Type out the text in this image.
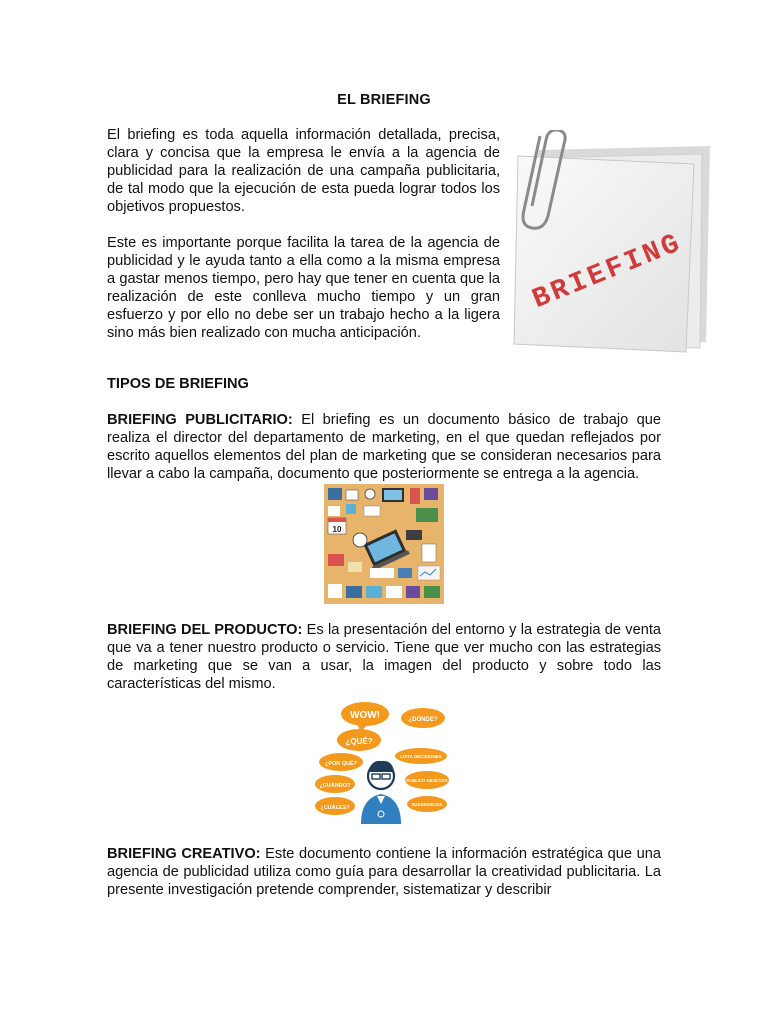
EL BRIEFING

El briefing es toda aquella información detallada, precisa, clara y concisa que la empresa le envía a la agencia de publicidad para la realización de una campaña publicitaria, de tal modo que la ejecución de esta pueda lograr todos los objetivos propuestos.

Este es importante porque facilita la tarea de la agencia de publicidad y le ayuda tanto a ella como a la misma empresa a gastar menos tiempo, pero hay que tener en cuenta que la realización de este conlleva mucho tiempo y un gran esfuerzo y por ello no debe ser un trabajo hecho a la ligera sino más bien realizado con mucha anticipación.

BRIEFING
TIPOS DE BRIEFING

BRIEFING PUBLICITARIO: El briefing es un documento básico de trabajo que realiza el director del departamento de marketing, en el que quedan reflejados por escrito aquellos elementos del plan de marketing que se consideran necesarios para llevar a cabo la campaña, documento que posteriormente se entrega a la agencia.

10

BRIEFING DEL PRODUCTO: Es la presentación del entorno y la estrategia de venta que va a tener nuestro producto o servicio. Tiene que ver mucho con las estrategias de marketing que se van a usar, la imagen del producto y sobre todo las características del mismo.

WOW!	¿DÓNDE?
¿QUÉ?
¿POR QUÉ?
¿CUÁNDO?
¿CUÁLES?
LISTA DECISIONES
PUBLICO OBJETIVO
SUGERENCIAS

BRIEFING CREATIVO: Este documento contiene la información estratégica que una agencia de publicidad utiliza como guía para desarrollar la creatividad publicitaria. La presente investigación pretende comprender, sistematizar y describir
